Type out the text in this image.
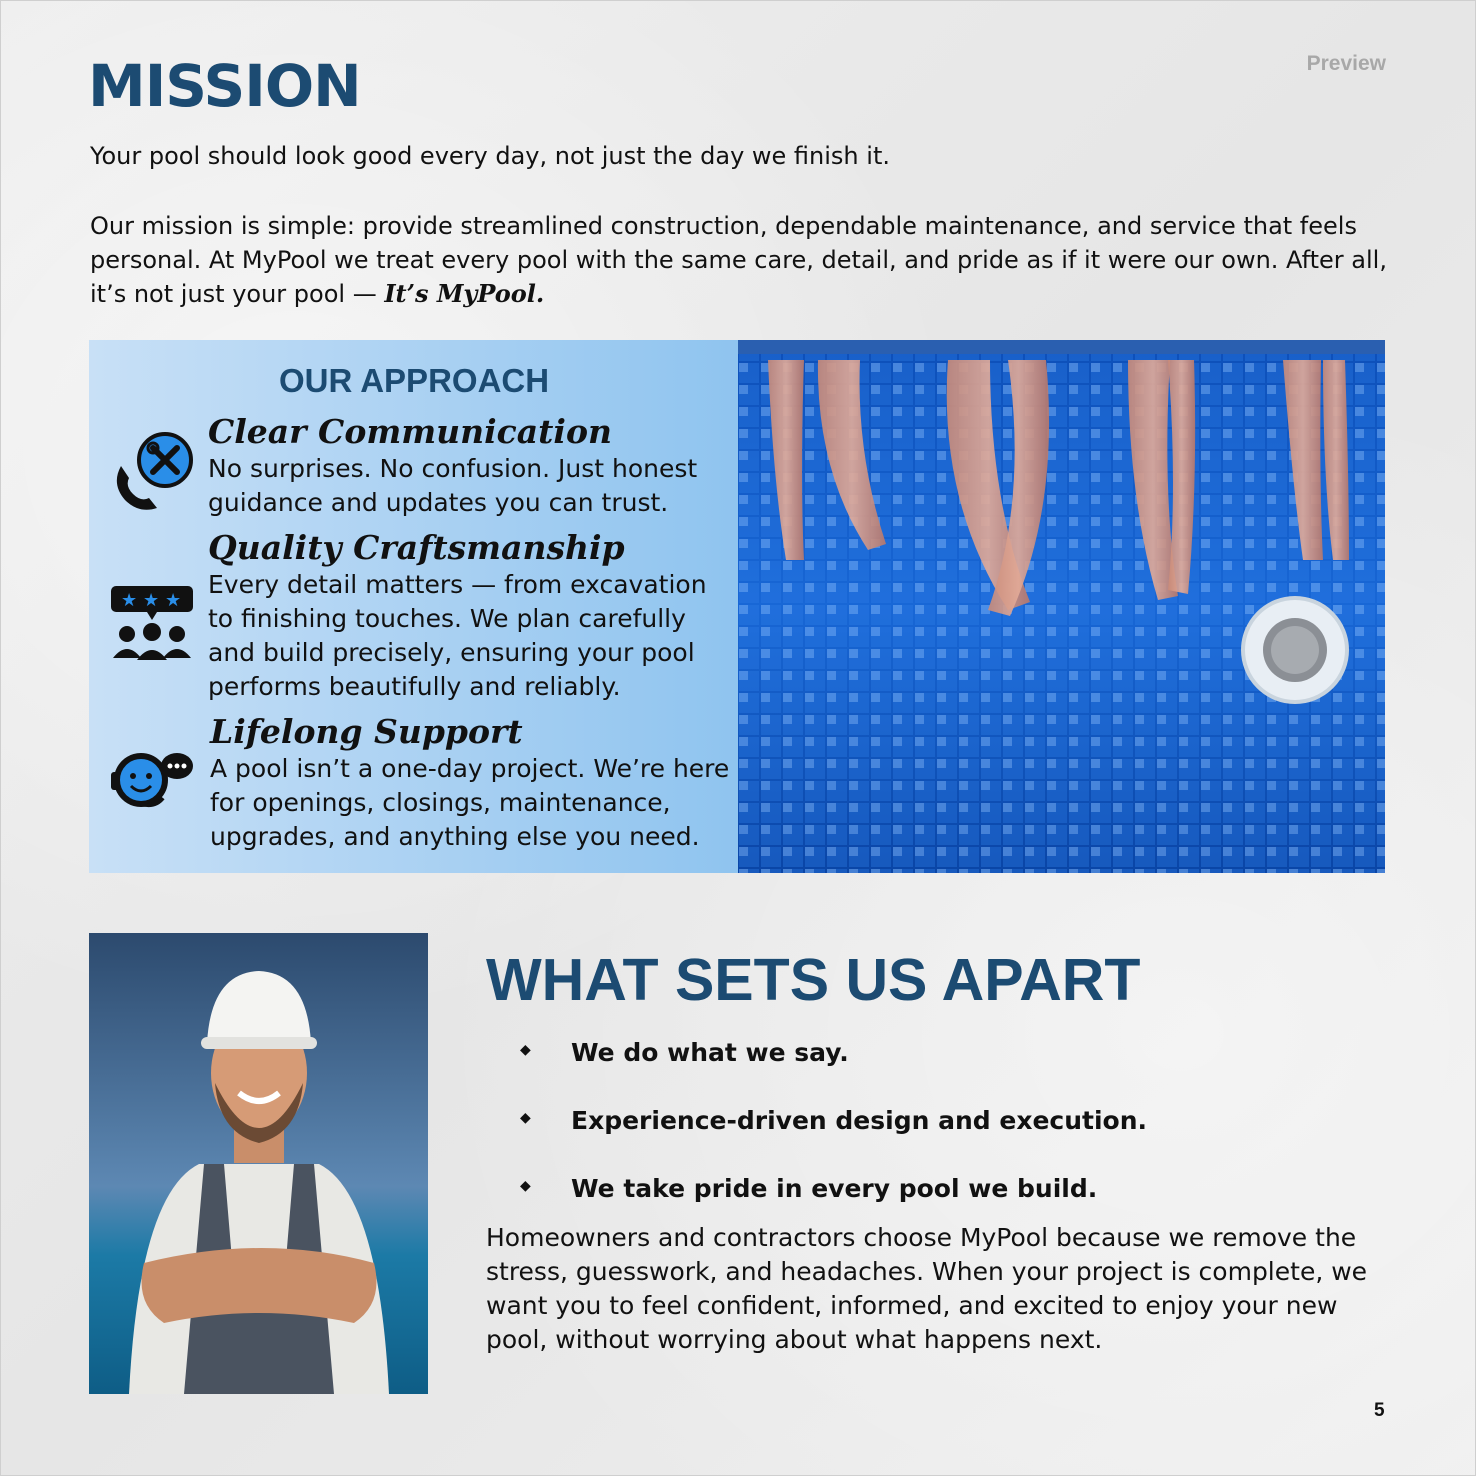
Preview
MISSION

Your pool should look good every day, not just the day we finish it.

Our mission is simple: provide streamlined construction, dependable maintenance, and service that feels personal. At MyPool we treat every pool with the same care, detail, and pride as if it were our own. After all, it’s not just your pool — It’s MyPool.

OUR APPROACH
Clear Communication

No surprises. No confusion. Just honest guidance and updates you can trust.

★ ★ ★
Quality Craftsmanship

Every detail matters — from excavation to finishing touches. We plan carefully and build precisely, ensuring your pool performs beautifully and reliably.

Lifelong Support

A pool isn’t a one-day project. We’re here for openings, closings, maintenance, upgrades, and anything else you need.

WHAT SETS US APART
◆ We do what we say.
◆ Experience-driven design and execution.
◆ We take pride in every pool we build.

Homeowners and contractors choose MyPool because we remove the stress, guesswork, and headaches. When your project is complete, we want you to feel confident, informed, and excited to enjoy your new pool, without worrying about what happens next.

5
